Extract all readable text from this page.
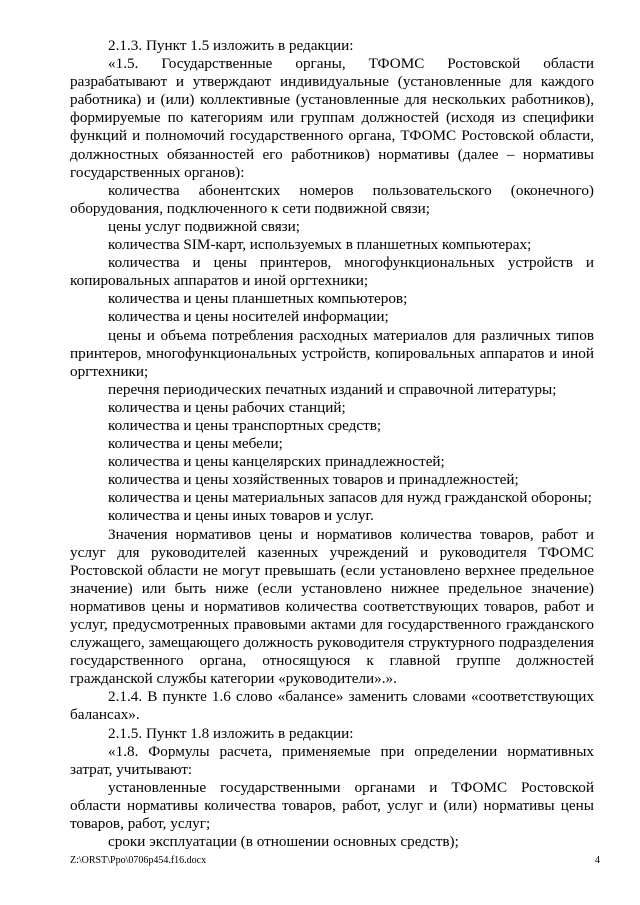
2.1.3. Пункт 1.5 изложить в редакции:

«1.5. Государственные органы, ТФОМС Ростовской области разрабатывают и утверждают индивидуальные (установленные для каждого работника) и (или) коллективные (установленные для нескольких работников), формируемые по категориям или группам должностей (исходя из специфики функций и полномочий государственного органа, ТФОМС Ростовской области, должностных обязанностей его работников) нормативы (далее – нормативы государственных органов):

количества абонентских номеров пользовательского (оконечного) оборудования, подключенного к сети подвижной связи;

цены услуг подвижной связи;

количества SIM-карт, используемых в планшетных компьютерах;

количества и цены принтеров, многофункциональных устройств и копировальных аппаратов и иной оргтехники;

количества и цены планшетных компьютеров;

количества и цены носителей информации;

цены и объема потребления расходных материалов для различных типов принтеров, многофункциональных устройств, копировальных аппаратов и иной оргтехники;

перечня периодических печатных изданий и справочной литературы;

количества и цены рабочих станций;

количества и цены транспортных средств;

количества и цены мебели;

количества и цены канцелярских принадлежностей;

количества и цены хозяйственных товаров и принадлежностей;

количества и цены материальных запасов для нужд гражданской обороны;

количества и цены иных товаров и услуг.

Значения нормативов цены и нормативов количества товаров, работ и услуг для руководителей казенных учреждений и руководителя ТФОМС Ростовской области не могут превышать (если установлено верхнее предельное значение) или быть ниже (если установлено нижнее предельное значение) нормативов цены и нормативов количества соответствующих товаров, работ и услуг, предусмотренных правовыми актами для государственного гражданского служащего, замещающего должность руководителя структурного подразделения государственного органа, относящуюся к главной группе должностей гражданской службы категории «руководители».».

2.1.4. В пункте 1.6 слово «балансе» заменить словами «соответствующих балансах».

2.1.5. Пункт 1.8 изложить в редакции:

«1.8. Формулы расчета, применяемые при определении нормативных затрат, учитывают:

установленные государственными органами и ТФОМС Ростовской области нормативы количества товаров, работ, услуг и (или) нормативы цены товаров, работ, услуг;

сроки эксплуатации (в отношении основных средств);

Z:\ORST\Ppo\0706p454.f16.docx	4
